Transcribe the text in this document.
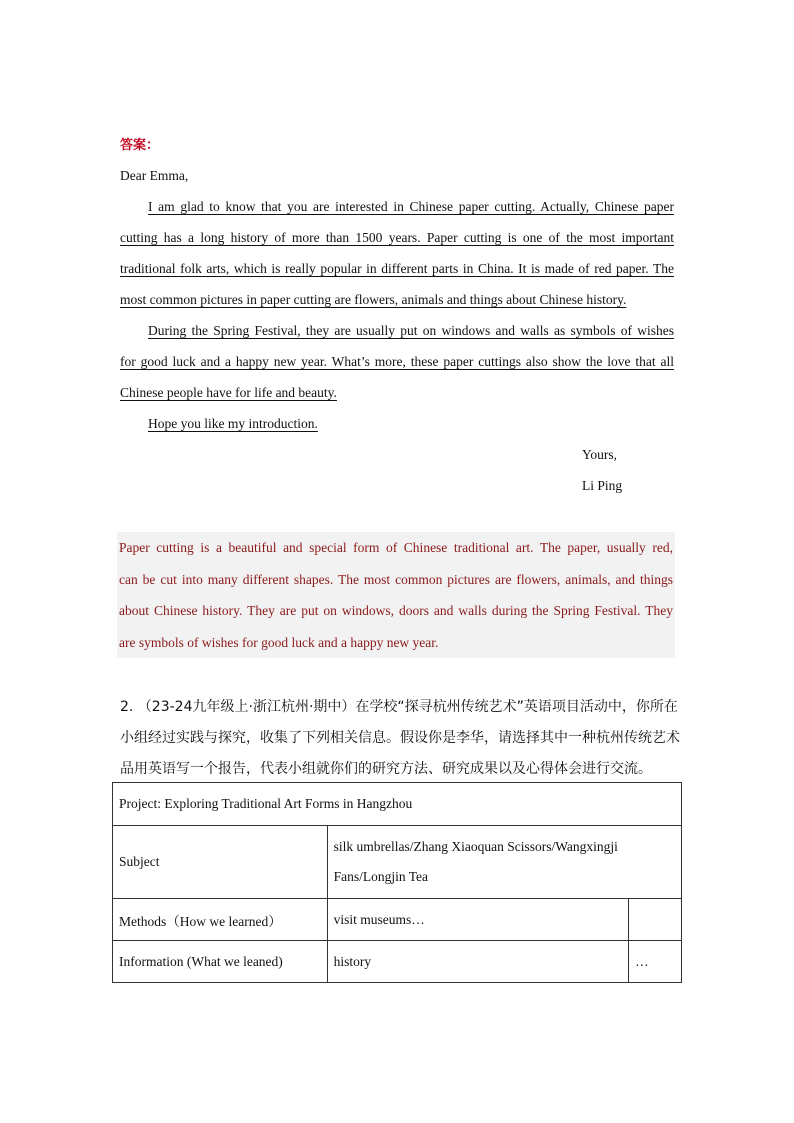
答案：
Dear Emma,
I am glad to know that you are interested in Chinese paper cutting. Actually, Chinese paper
cutting has a long history of more than 1500 years. Paper cutting is one of the most important
traditional folk arts, which is really popular in different parts in China. It is made of red paper. The
most common pictures in paper cutting are flowers, animals and things about Chinese history.
During the Spring Festival, they are usually put on windows and walls as symbols of wishes
for good luck and a happy new year. What’s more, these paper cuttings also show the love that all
Chinese people have for life and beauty.
Hope you like my introduction.
Yours,
Li Ping
Paper cutting is a beautiful and special form of Chinese traditional art. The paper, usually red,
can be cut into many different shapes. The most common pictures are flowers, animals, and things
about Chinese history. They are put on windows, doors and walls during the Spring Festival. They
are symbols of wishes for good luck and a happy new year.
2. （23-24九年级上·浙江杭州·期中）在学校“探寻杭州传统艺术”英语项目活动中，你所在
小组经过实践与探究，收集了下列相关信息。假设你是李华，请选择其中一种杭州传统艺术
品用英语写一个报告，代表小组就你们的研究方法、研究成果以及心得体会进行交流。
Project: Exploring Traditional Art Forms in Hangzhou		
Subject	silk umbrellas/Zhang Xiaoquan Scissors/Wangxingji
Fans/Longjin Tea	

Methods（How we learned）	visit museums…	
Information (What we leaned)	history	…
